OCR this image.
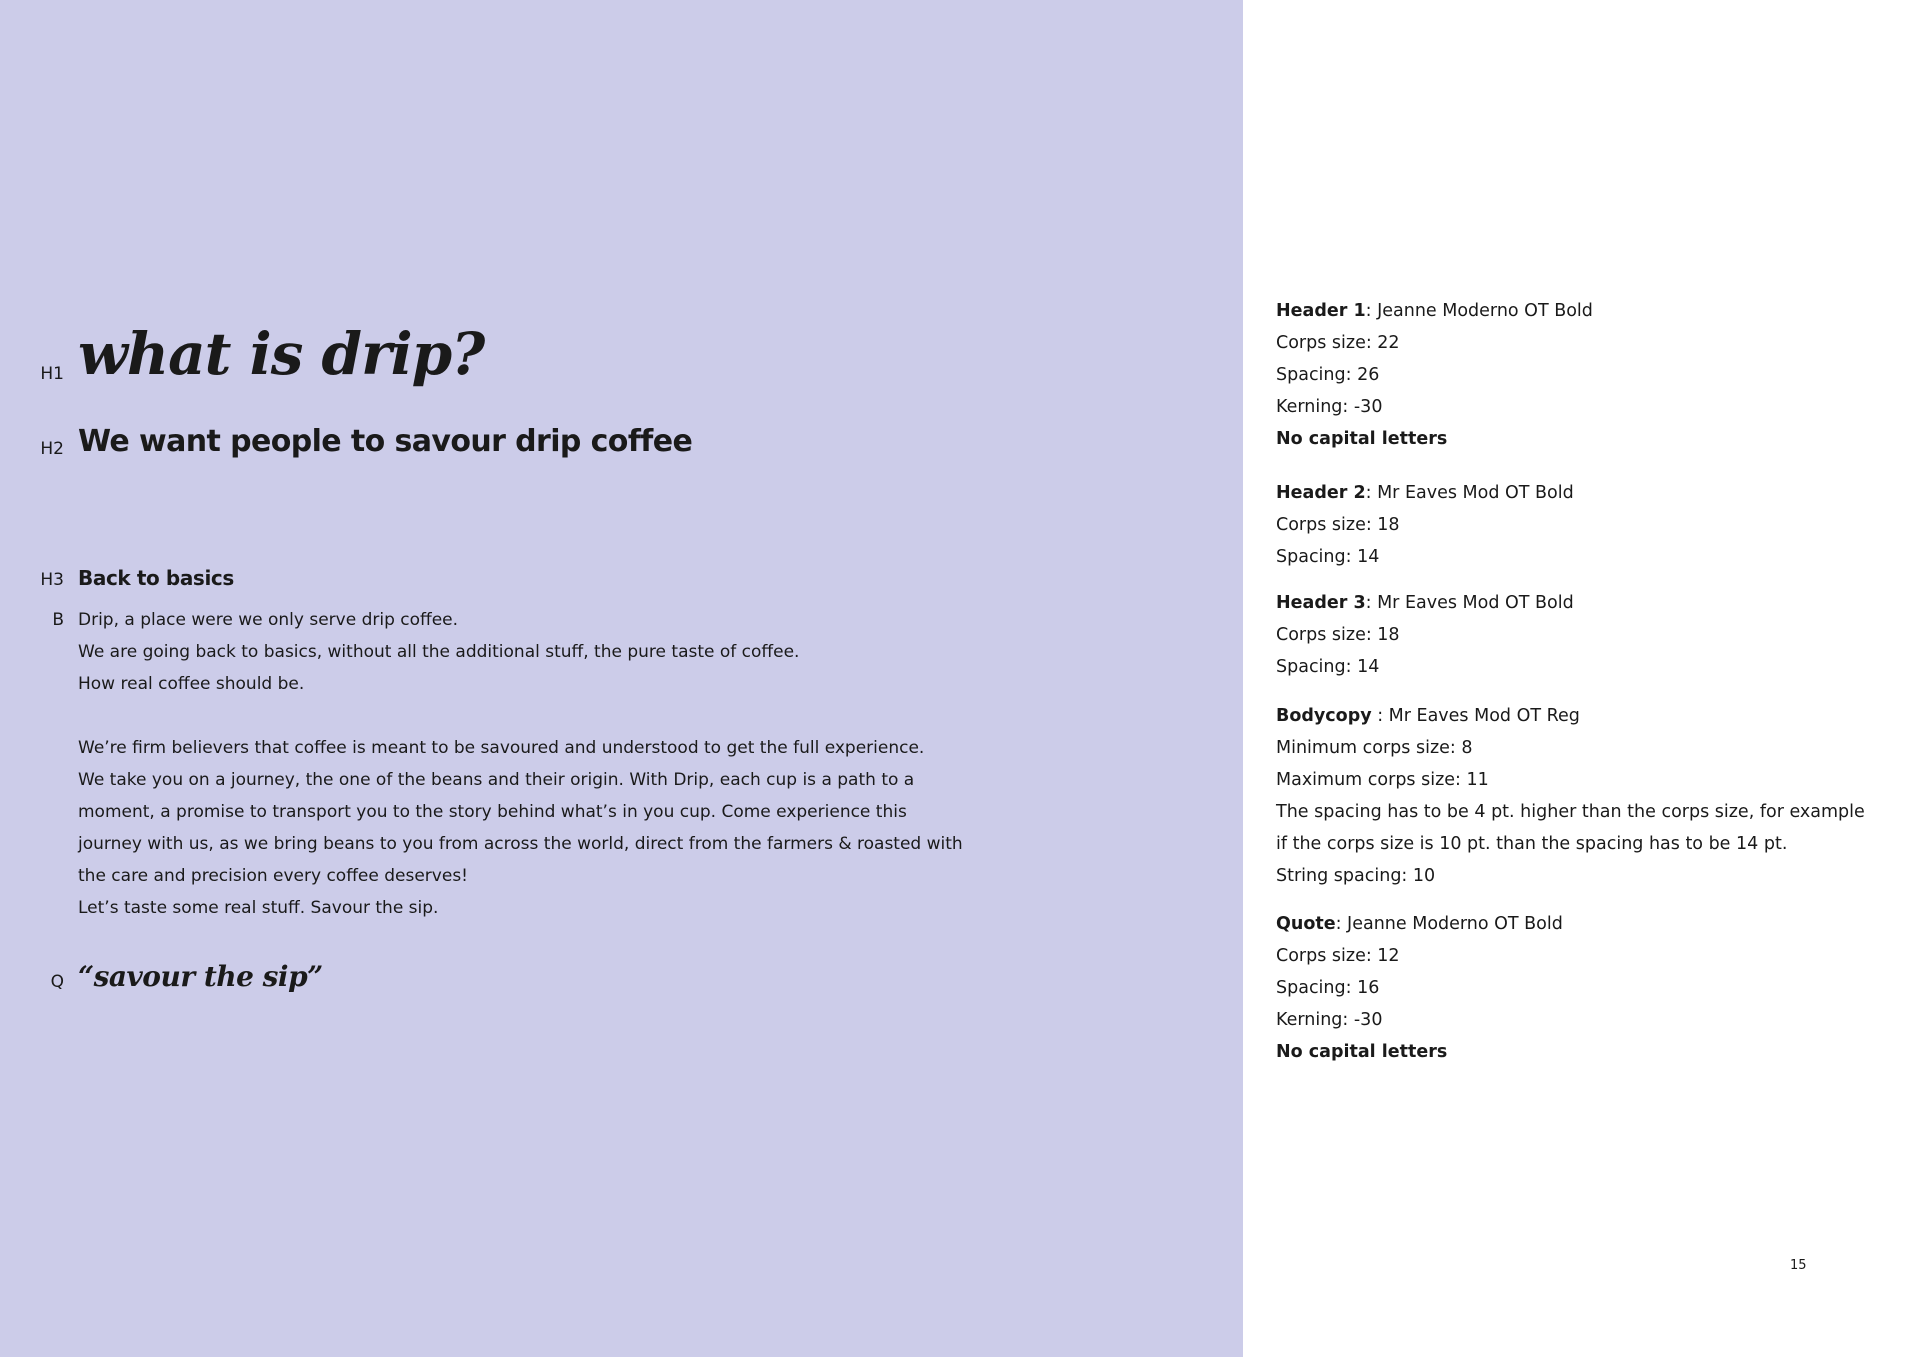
H1 what is drip?
H2 We want people to savour drip coffee
H3 Back to basics
B Drip, a place were we only serve drip coffee.
We are going back to basics, without all the additional stuff, the pure taste of coffee.
How real coffee should be.
We’re firm believers that coffee is meant to be savoured and understood to get the full experience.
We take you on a journey, the one of the beans and their origin. With Drip, each cup is a path to a
moment, a promise to transport you to the story behind what’s in you cup. Come experience this
journey with us, as we bring beans to you from across the world, direct from the farmers & roasted with
the care and precision every coffee deserves!
Let’s taste some real stuff. Savour the sip.
Q “savour the sip”
Header 1: Jeanne Moderno OT Bold
Corps size: 22
Spacing: 26
Kerning: -30
No capital letters
Header 2: Mr Eaves Mod OT Bold
Corps size: 18
Spacing: 14
Header 3: Mr Eaves Mod OT Bold
Corps size: 18
Spacing: 14
Bodycopy : Mr Eaves Mod OT Reg
Minimum corps size: 8
Maximum corps size: 11
The spacing has to be 4 pt. higher than the corps size, for example
if the corps size is 10 pt. than the spacing has to be 14 pt.
String spacing: 10
Quote: Jeanne Moderno OT Bold
Corps size: 12
Spacing: 16
Kerning: -30
No capital letters
15
